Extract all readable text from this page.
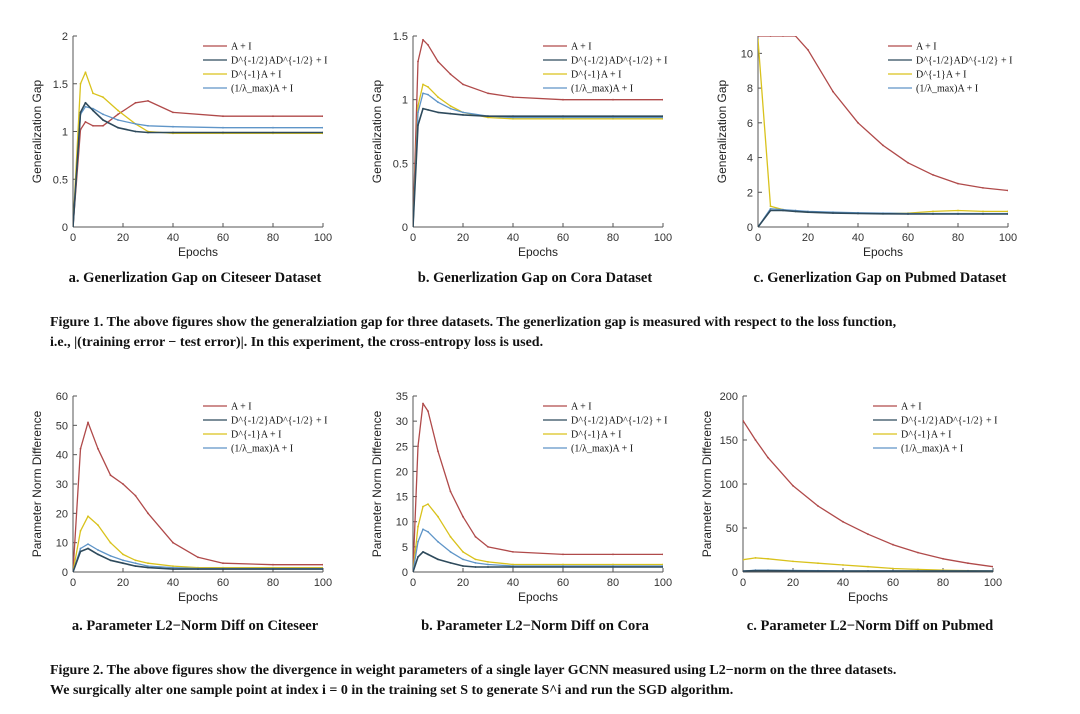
0	20	40	60	80	100
0
0.5
1
1.5
2
Epochs
Generalization Gap
A + I
D^{-1/2}AD^{-1/2} + I
D^{-1}A + I
(1/λ_max)A + I
0	20	40	60	80	100
0
0.5
1
1.5
Epochs
Generalization Gap
A + I
D^{-1/2}AD^{-1/2} + I
D^{-1}A + I
(1/λ_max)A + I
0	20	40	60	80	100
0
2
4
6
8
10
Epochs
Generalization Gap
A + I
D^{-1/2}AD^{-1/2} + I
D^{-1}A + I
(1/λ_max)A + I
a. Generlization Gap on Citeseer Dataset	b. Generlization Gap on Cora Dataset	c. Generlization Gap on Pubmed Dataset
Figure 1. The above figures show the generalziation gap for three datasets. The generlization gap is measured with respect to the loss function,
i.e., |(training error − test error)|. In this experiment, the cross-entropy loss is used.
0	20	40	60	80	100
0
10
20
30
40
50
60
Epochs
Parameter Norm Difference
A + I
D^{-1/2}AD^{-1/2} + I
D^{-1}A + I
(1/λ_max)A + I
0	20	40	60	80	100
0
5
10
15
20
25
30
35
Epochs
Parameter Norm Difference
A + I
D^{-1/2}AD^{-1/2} + I
D^{-1}A + I
(1/λ_max)A + I
0	20	40	60	80	100
0
50
100
150
200
Epochs
Parameter Norm Difference
A + I
D^{-1/2}AD^{-1/2} + I
D^{-1}A + I
(1/λ_max)A + I
a. Parameter L2−Norm Diff on Citeseer	b. Parameter L2−Norm Diff on Cora	c. Parameter L2−Norm Diff on Pubmed
Figure 2. The above figures show the divergence in weight parameters of a single layer GCNN measured using L2−norm on the three datasets.
We surgically alter one sample point at index i = 0 in the training set S to generate S^i and run the SGD algorithm.
